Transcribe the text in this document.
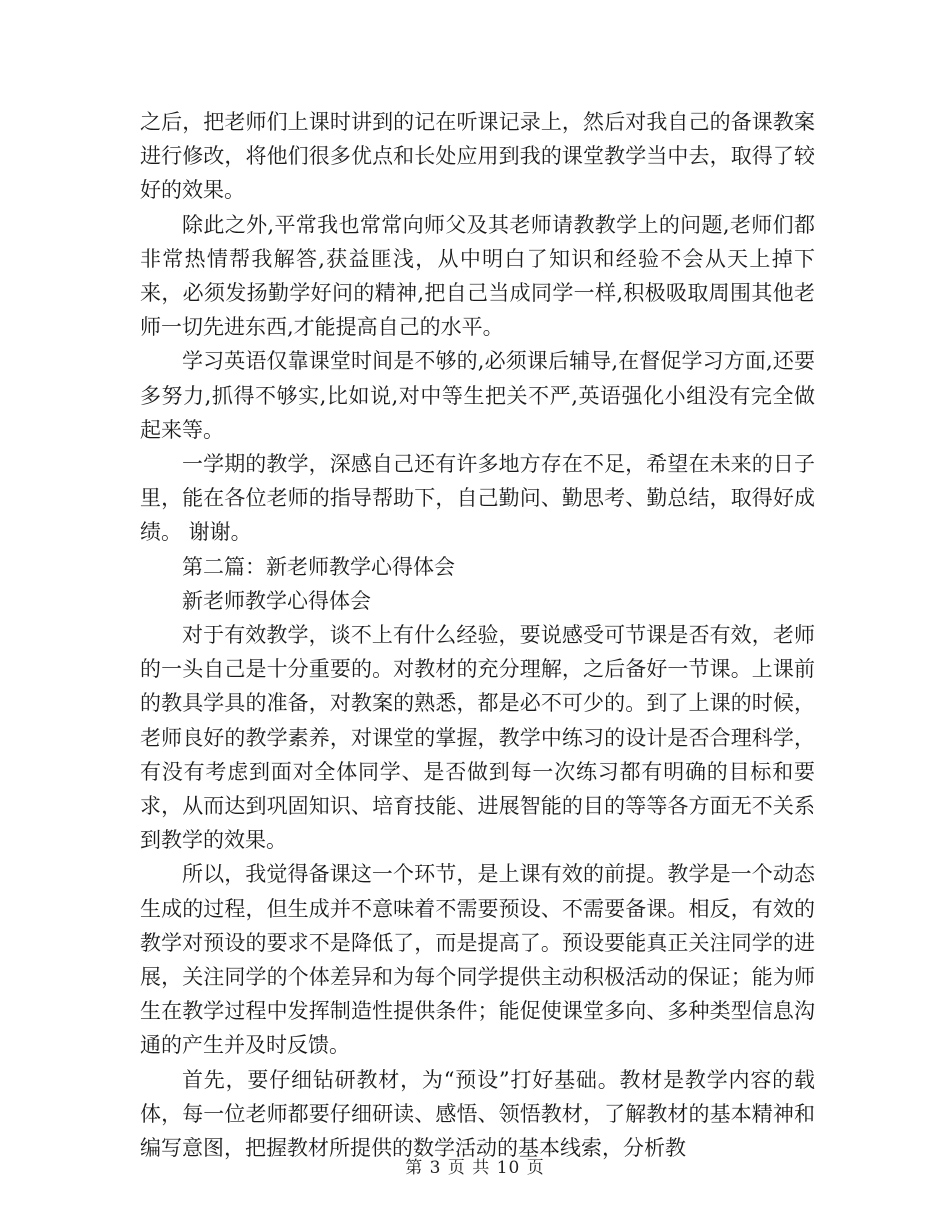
之后，把老师们上课时讲到的记在听课记录上，然后对我自己的备课教案进行修改，将他们很多优点和长处应用到我的课堂教学当中去，取得了较好的效果。

除此之外,平常我也常常向师父及其老师请教教学上的问题,老师们都非常热情帮我解答,获益匪浅，从中明白了知识和经验不会从天上掉下来，必须发扬勤学好问的精神,把自己当成同学一样,积极吸取周围其他老师一切先进东西,才能提高自己的水平。

学习英语仅靠课堂时间是不够的,必须课后辅导,在督促学习方面,还要多努力,抓得不够实,比如说,对中等生把关不严,英语强化小组没有完全做起来等。

一学期的教学，深感自己还有许多地方存在不足，希望在未来的日子里，能在各位老师的指导帮助下，自己勤问、勤思考、勤总结，取得好成绩。 谢谢。

第二篇：新老师教学心得体会

新老师教学心得体会

对于有效教学，谈不上有什么经验，要说感受可节课是否有效，老师的一头自己是十分重要的。对教材的充分理解，之后备好一节课。上课前的教具学具的准备，对教案的熟悉，都是必不可少的。到了上课的时候，老师良好的教学素养，对课堂的掌握，教学中练习的设计是否合理科学，有没有考虑到面对全体同学、是否做到每一次练习都有明确的目标和要求，从而达到巩固知识、培育技能、进展智能的目的等等各方面无不关系到教学的效果。

所以，我觉得备课这一个环节，是上课有效的前提。教学是一个动态生成的过程，但生成并不意味着不需要预设、不需要备课。相反，有效的教学对预设的要求不是降低了，而是提高了。预设要能真正关注同学的进展，关注同学的个体差异和为每个同学提供主动积极活动的保证；能为师生在教学过程中发挥制造性提供条件；能促使课堂多向、多种类型信息沟通的产生并及时反馈。

首先，要仔细钻研教材，为“预设”打好基础。教材是教学内容的载体，每一位老师都要仔细研读、感悟、领悟教材，了解教材的基本精神和编写意图，把握教材所提供的数学活动的基本线索，分析教

第 3 页 共 10 页
